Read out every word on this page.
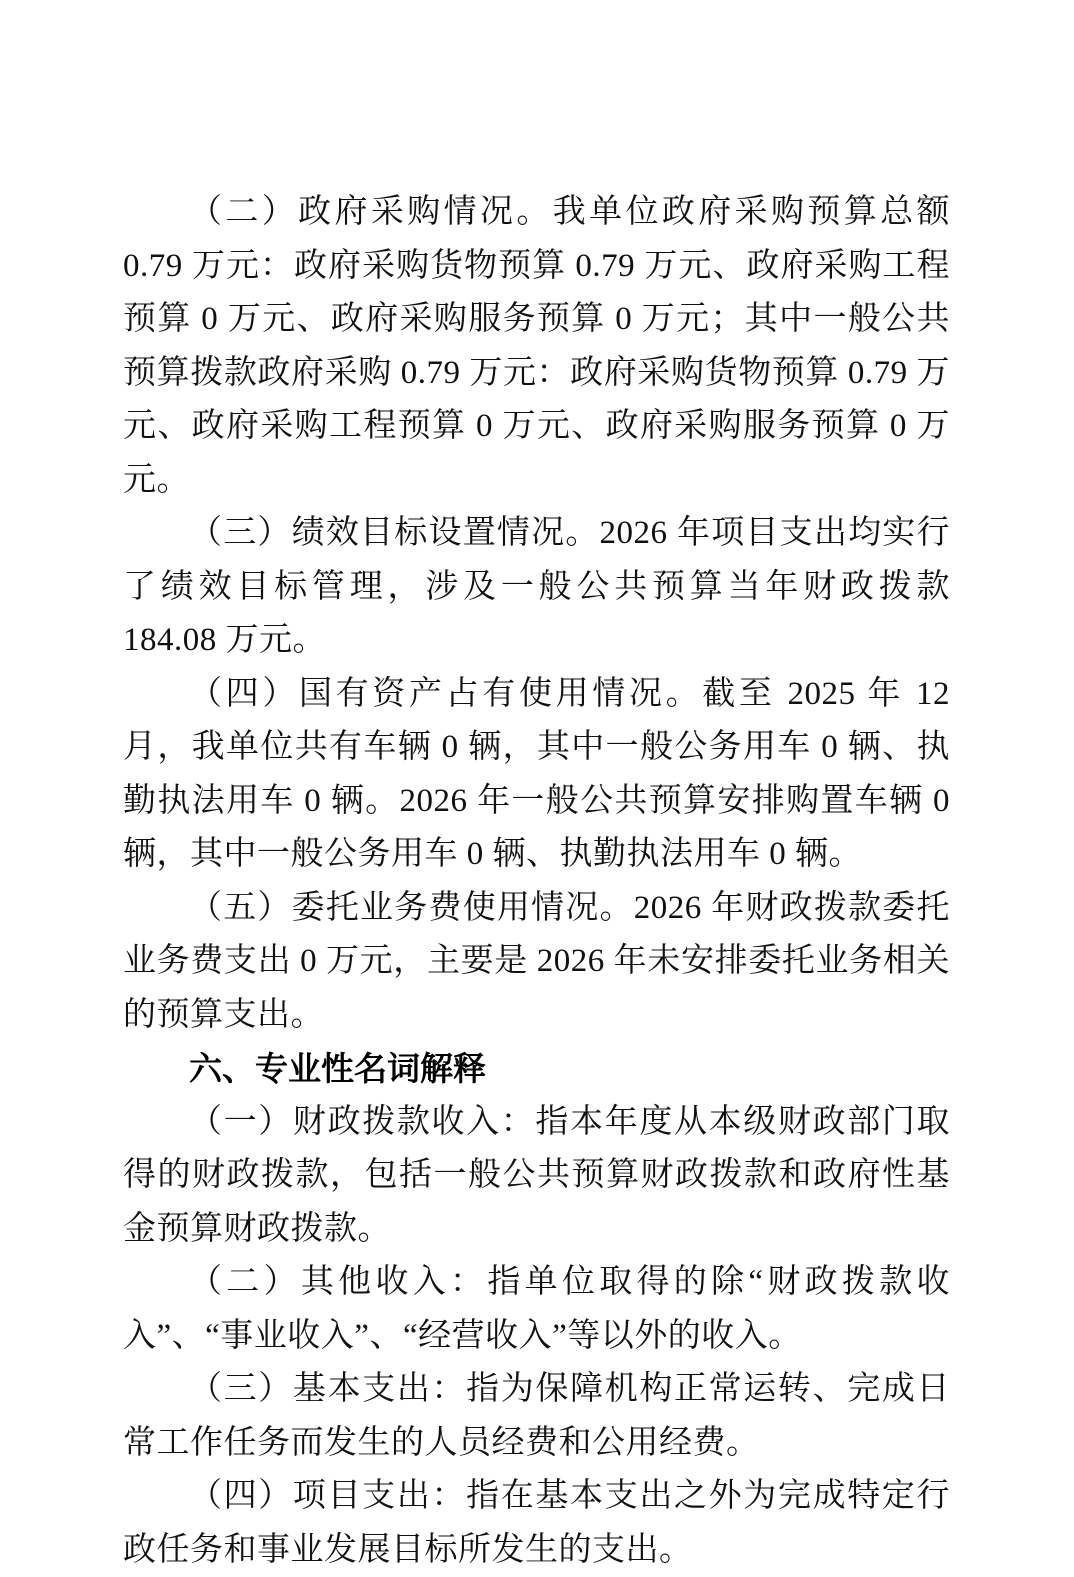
（二）政府采购情况。我单位政府采购预算总额 0.79 万元：政府采购货物预算 0.79 万元、政府采购工程预算 0 万元、政府采购服务预算 0 万元；其中一般公共预算拨款政府采购 0.79 万元：政府采购货物预算 0.79 万元、政府采购工程预算 0 万元、政府采购服务预算 0 万元。

（三）绩效目标设置情况。2026 年项目支出均实行了绩效目标管理，涉及一般公共预算当年财政拨款 184.08 万元。

（四）国有资产占有使用情况。截至 2025 年 12 月，我单位共有车辆 0 辆，其中一般公务用车 0 辆、执勤执法用车 0 辆。2026 年一般公共预算安排购置车辆 0 辆，其中一般公务用车 0 辆、执勤执法用车 0 辆。

（五）委托业务费使用情况。2026 年财政拨款委托业务费支出 0 万元，主要是 2026 年未安排委托业务相关的预算支出。

六、专业性名词解释

（一）财政拨款收入：指本年度从本级财政部门取得的财政拨款，包括一般公共预算财政拨款和政府性基金预算财政拨款。

（二）其他收入：指单位取得的除“财政拨款收入”、“事业收入”、“经营收入”等以外的收入。

（三）基本支出：指为保障机构正常运转、完成日常工作任务而发生的人员经费和公用经费。

（四）项目支出：指在基本支出之外为完成特定行政任务和事业发展目标所发生的支出。
